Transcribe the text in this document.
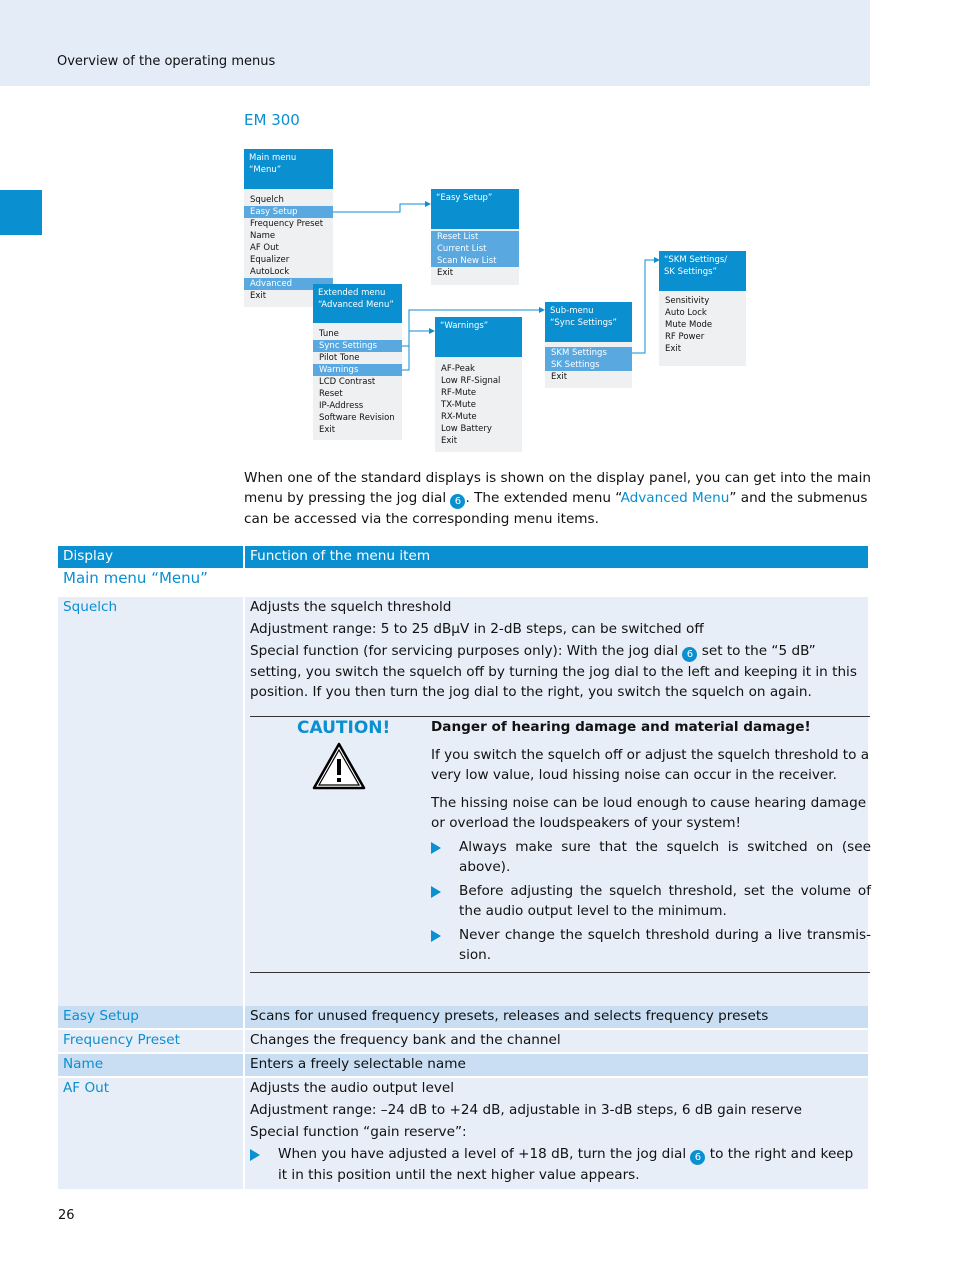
Overview of the operating menus
EM 300
Main menu
“Menu”
Squelch
Easy Setup
Frequency Preset
Name
AF Out
Equalizer
AutoLock
Advanced
Exit
“Easy Setup”
Reset List
Current List
Scan New List
Exit
Extended menu
“Advanced Menu”
Tune
Sync Settings
Pilot Tone
Warnings
LCD Contrast
Reset
IP-Address
Software Revision
Exit
“Warnings”
AF-Peak
Low RF-Signal
RF-Mute
TX-Mute
RX-Mute
Low Battery
Exit
Sub-menu
“Sync Settings”
SKM Settings
SK Settings
Exit
“SKM Settings/
SK Settings”
Sensitivity
Auto Lock
Mute Mode
RF Power
Exit
When one of the standard displays is shown on the display panel, you can get into the main menu by pressing the jog dial 6 . The extended menu “Advanced Menu” and the submenus can be accessed via the corresponding menu items.
Display	Function of the menu item
Main menu “Menu”
Squelch	Adjusts the squelch threshold

Adjustment range: 5 to 25 dBμV in 2-dB steps, can be switched off

Special function (for servicing purposes only): With the jog dial 6 set to the “5 dB” setting, you switch the squelch off by turning the jog dial to the left and keeping it in this position. If you then turn the jog dial to the right, you switch the squelch on again.

CAUTION!	Danger of hearing damage and material damage!

If you switch the squelch off or adjust the squelch threshold to a very low value, loud hissing noise can occur in the receiver.

The hissing noise can be loud enough to cause hearing damage or overload the loudspeakers of your system!

Always make sure that the squelch is switched on (see above).
Before adjusting the squelch threshold, set the volume of the audio output level to the minimum.
Never change the squelch threshold during a live transmis- sion.
Easy Setup	Scans for unused frequency presets, releases and selects frequency presets
Frequency Preset	Changes the frequency bank and the channel
Name	Enters a freely selectable name
AF Out	Adjusts the audio output level

Adjustment range: –24 dB to +24 dB, adjustable in 3-dB steps, 6 dB gain reserve

Special function “gain reserve”:

When you have adjusted a level of +18 dB, turn the jog dial 6 to the right and keep it in this position until the next higher value appears.
26
